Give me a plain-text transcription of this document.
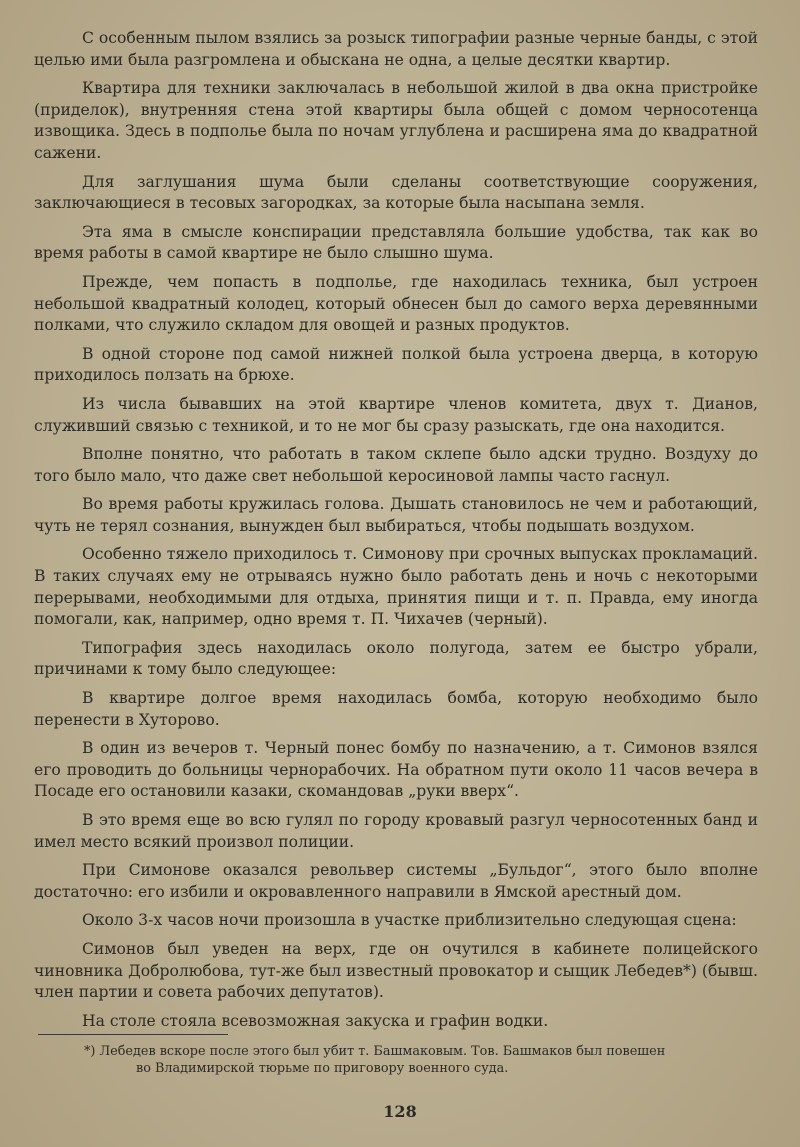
С особенным пылом взялись за розыск типографии разные черные банды, с этой целью ими была разгромлена и обыскана не одна, а целые десятки квартир.

Квартира для техники заключалась в небольшой жилой в два окна пристройке (приделок), внутренняя стена этой квартиры была общей с домом черносотенца извощика. Здесь в подполье была по ночам углублена и расширена яма до квадратной сажени.

Для заглушания шума были сделаны соответствующие сооружения, заключающиеся в тесовых загородках, за которые была насыпана земля.

Эта яма в смысле конспирации представляла большие удобства, так как во время работы в самой квартире не было слышно шума.

Прежде, чем попасть в подполье, где находилась техника, был устроен небольшой квадратный колодец, который обнесен был до самого верха деревянными полками, что служило складом для овощей и разных продуктов.

В одной стороне под самой нижней полкой была устроена дверца, в которую приходилось ползать на брюхе.

Из числа бывавших на этой квартире членов комитета, двух т. Дианов, служивший связью с техникой, и то не мог бы сразу разыскать, где она находится.

Вполне понятно, что работать в таком склепе было адски трудно. Воздуху до того было мало, что даже свет небольшой керосиновой лампы часто гаснул.

Во время работы кружилась голова. Дышать становилось не чем и работающий, чуть не терял сознания, вынужден был выбираться, чтобы подышать воздухом.

Особенно тяжело приходилось т. Симонову при срочных выпусках прокламаций. В таких случаях ему не отрываясь нужно было работать день и ночь с некоторыми перерывами, необходимыми для отдыха, принятия пищи и т. п. Правда, ему иногда помогали, как, например, одно время т. П. Чихачев (черный).

Типография здесь находилась около полугода, затем ее быстро убрали, причинами к тому было следующее:

В квартире долгое время находилась бомба, которую необходимо было перенести в Хуторово.

В один из вечеров т. Черный понес бомбу по назначению, а т. Симонов взялся его проводить до больницы чернорабочих. На обратном пути около 11 часов вечера в Посаде его остановили казаки, скомандовав „руки вверх“.

В это время еще во всю гулял по городу кровавый разгул черносотенных банд и имел место всякий произвол полиции.

При Симонове оказался револьвер системы „Бульдог“, этого было вполне достаточно: его избили и окровавленного направили в Ямской арестный дом.

Около 3-х часов ночи произошла в участке приблизительно следующая сцена:

Симонов был уведен на верх, где он очутился в кабинете полицейского чиновника Добролюбова, тут-же был известный провокатор и сыщик Лебедев*) (бывш. член партии и совета рабочих депутатов).

На столе стояла всевозможная закуска и графин водки.

*) Лебедев вскоре после этого был убит т. Башмаковым. Тов. Башмаков был повешен
во Владимирской тюрьме по приговору военного суда.
128
